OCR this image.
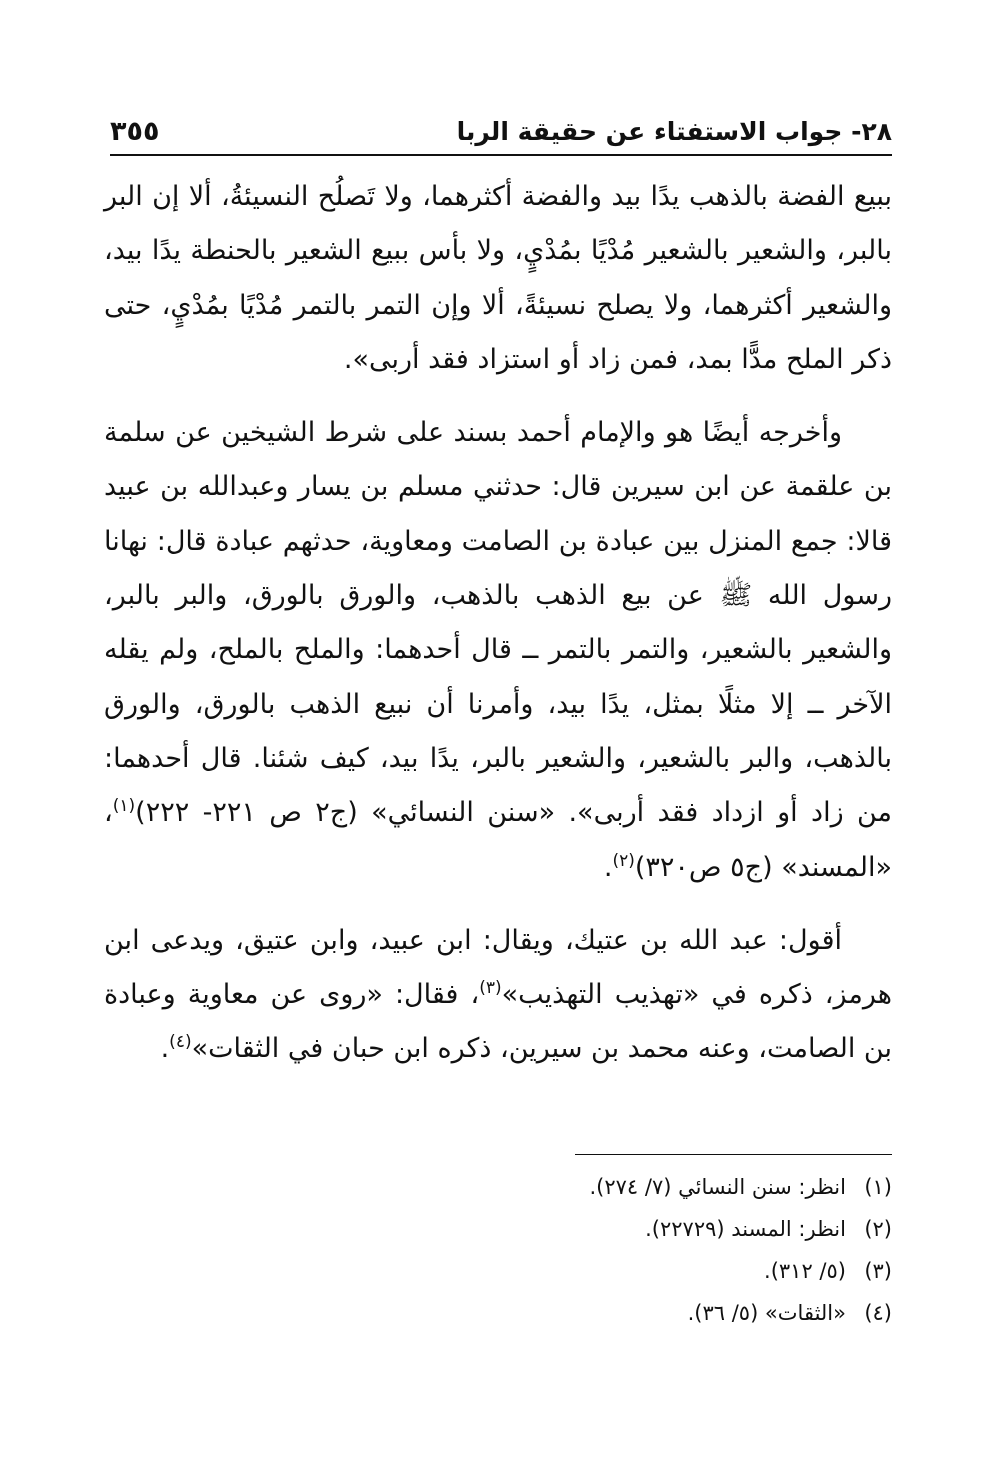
٢٨- جواب الاستفتاء عن حقيقة الربا
٣٥٥

ببيع الفضة بالذهب يدًا بيد والفضة أكثرهما، ولا تَصلُح النسيئةُ، ألا إن البر بالبر، والشعير بالشعير مُدْيًا بمُدْيٍ، ولا بأس ببيع الشعير بالحنطة يدًا بيد، والشعير أكثرهما، ولا يصلح نسيئةً، ألا وإن التمر بالتمر مُدْيًا بمُدْيٍ، حتى ذكر الملح مدًّا بمد، فمن زاد أو استزاد فقد أربى».

وأخرجه أيضًا هو والإمام أحمد بسند على شرط الشيخين عن سلمة بن علقمة عن ابن سيرين قال: حدثني مسلم بن يسار وعبدالله بن عبيد قالا: جمع المنزل بين عبادة بن الصامت ومعاوية، حدثهم عبادة قال: نهانا رسول الله ﷺ عن بيع الذهب بالذهب، والورق بالورق، والبر بالبر، والشعير بالشعير، والتمر بالتمر ــ قال أحدهما: والملح بالملح، ولم يقله الآخر ــ إلا مثلًا بمثل، يدًا بيد، وأمرنا أن نبيع الذهب بالورق، والورق بالذهب، والبر بالشعير، والشعير بالبر، يدًا بيد، كيف شئنا. قال أحدهما: من زاد أو ازداد فقد أربى». «سنن النسائي» (ج٢ ص ٢٢١- ٢٢٢)$^{(١)}$، «المسند» (ج٥ ص٣٢٠)$^{(٢)}$.

أقول: عبد الله بن عتيك، ويقال: ابن عبيد، وابن عتيق، ويدعى ابن هرمز، ذكره في «تهذيب التهذيب»$^{(٣)}$، فقال: «روى عن معاوية وعبادة بن الصامت، وعنه محمد بن سيرين، ذكره ابن حبان في الثقات»$^{(٤)}$.

(١)انظر: سنن النسائي (٧/ ٢٧٤).
(٢)انظر: المسند (٢٢٧٢٩).
(٣)(٥/ ٣١٢).
(٤)«الثقات» (٥/ ٣٦).
